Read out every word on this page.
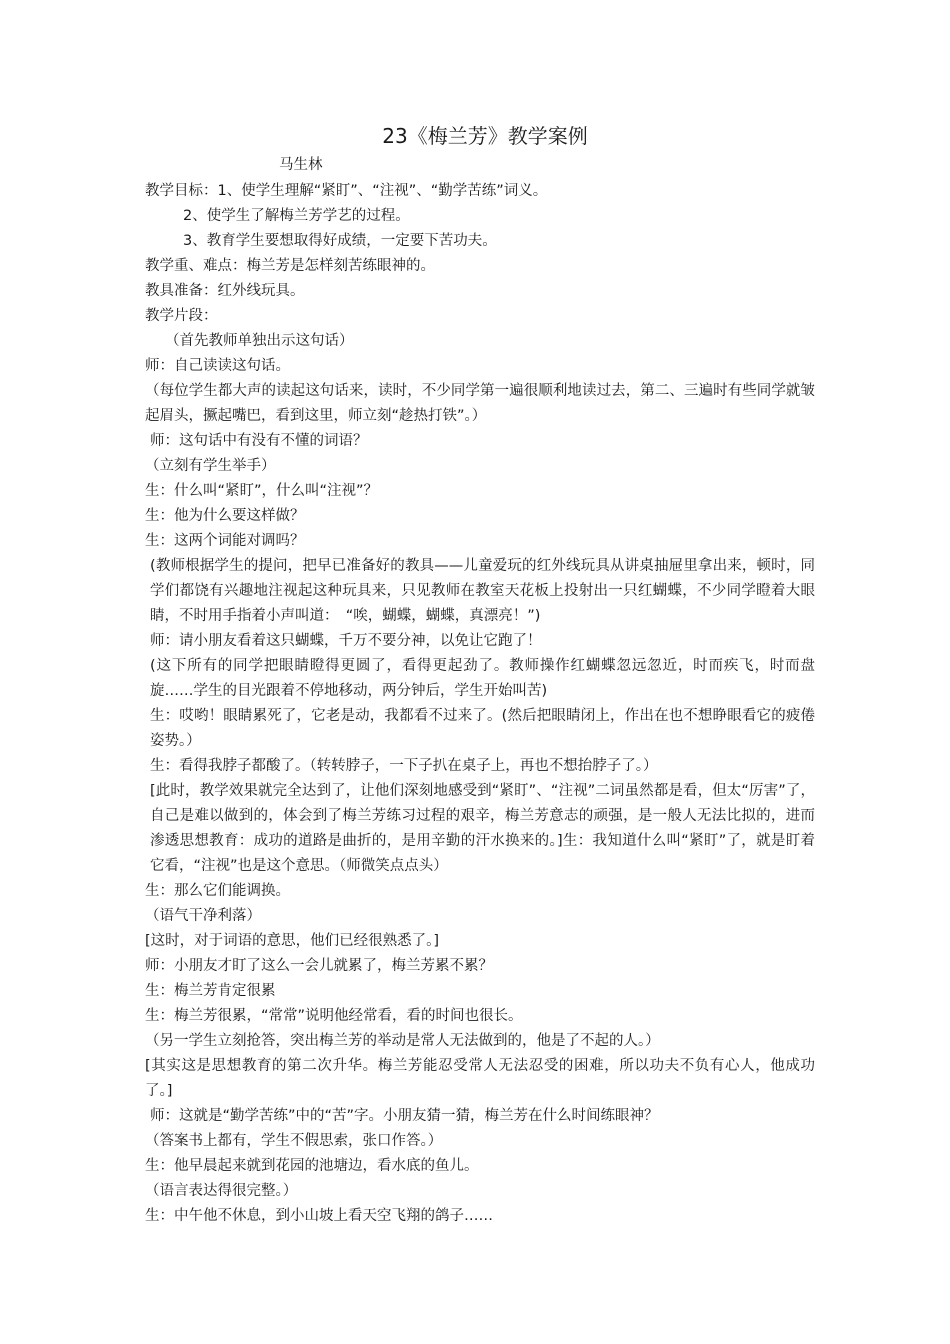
23《梅兰芳》教学案例
马生林
教学目标：1、使学生理解“紧盯”、“注视”、“勤学苦练”词义。
2、使学生了解梅兰芳学艺的过程。
3、教育学生要想取得好成绩，一定要下苦功夫。
教学重、难点：梅兰芳是怎样刻苦练眼神的。
教具准备：红外线玩具。
教学片段：
（首先教师单独出示这句话）
师：自己读读这句话。
（每位学生都大声的读起这句话来，读时，不少同学第一遍很顺利地读过去，第二、三遍时有些同学就皱起眉头，撅起嘴巴，看到这里，师立刻“趁热打铁”。）
师：这句话中有没有不懂的词语？
（立刻有学生举手）
生：什么叫“紧盯”，什么叫“注视”？
生：他为什么要这样做？
生：这两个词能对调吗？
(教师根据学生的提问，把早已准备好的教具——儿童爱玩的红外线玩具从讲桌抽屉里拿出来，顿时，同学们都饶有兴趣地注视起这种玩具来，只见教师在教室天花板上投射出一只红蝴蝶，不少同学瞪着大眼睛，不时用手指着小声叫道：　“唉，蝴蝶，蝴蝶，真漂亮！”)
师：请小朋友看着这只蝴蝶，千万不要分神，以免让它跑了！
(这下所有的同学把眼睛瞪得更圆了，看得更起劲了。教师操作红蝴蝶忽远忽近，时而疾飞，时而盘旋……学生的目光跟着不停地移动，两分钟后，学生开始叫苦)
生：哎哟！眼睛累死了，它老是动，我都看不过来了。(然后把眼睛闭上，作出在也不想睁眼看它的疲倦姿势。）
生：看得我脖子都酸了。（转转脖子，一下子扒在桌子上，再也不想抬脖子了。）
[此时，教学效果就完全达到了，让他们深刻地感受到“紧盯”、“注视”二词虽然都是看，但太“厉害”了，自己是难以做到的，体会到了梅兰芳练习过程的艰辛，梅兰芳意志的顽强，是一般人无法比拟的，进而渗透思想教育：成功的道路是曲折的，是用辛勤的汗水换来的。]生：我知道什么叫“紧盯”了，就是盯着它看，“注视”也是这个意思。（师微笑点点头）
生：那么它们能调换。
（语气干净利落）
[这时，对于词语的意思，他们已经很熟悉了。]
师：小朋友才盯了这么一会儿就累了，梅兰芳累不累？
生：梅兰芳肯定很累
生：梅兰芳很累，“常常”说明他经常看，看的时间也很长。
（另一学生立刻抢答，突出梅兰芳的举动是常人无法做到的，他是了不起的人。）
[其实这是思想教育的第二次升华。梅兰芳能忍受常人无法忍受的困难，所以功夫不负有心人，他成功了。]
师：这就是“勤学苦练”中的“苦”字。小朋友猜一猜，梅兰芳在什么时间练眼神？
（答案书上都有，学生不假思索，张口作答。）
生：他早晨起来就到花园的池塘边，看水底的鱼儿。
（语言表达得很完整。）
生：中午他不休息，到小山坡上看天空飞翔的鸽子……
